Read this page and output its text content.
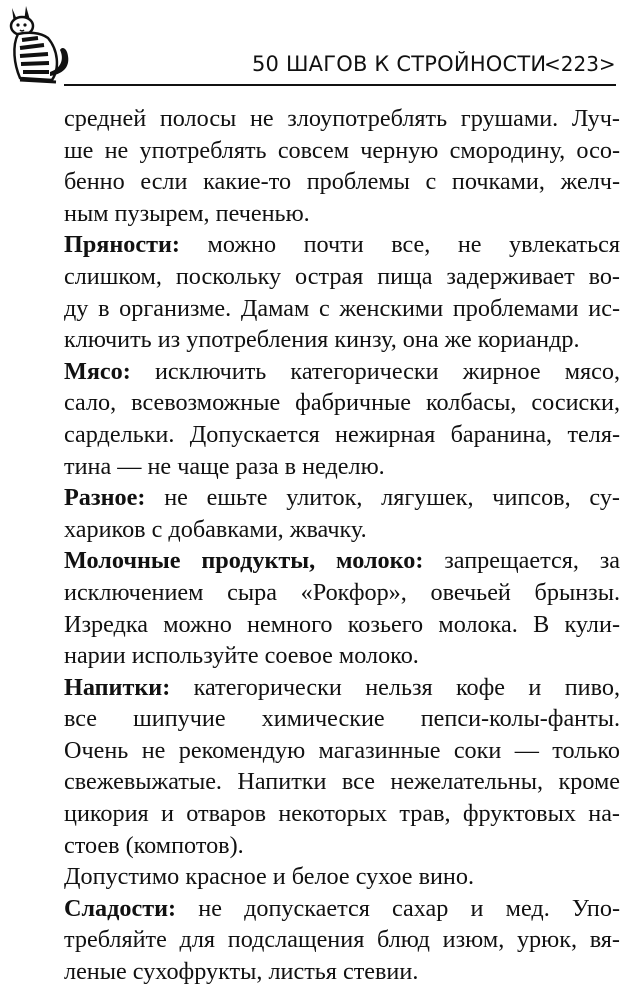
50 ШАГОВ К СТРОЙНОСТИ
<223>
средней полосы не злоупотреблять грушами. Луч-
ше не употреблять совсем черную смородину, осо-
бенно если какие-то проблемы с почками, желч-
ным пузырем, печенью.
Пряности: можно почти все, не увлекаться
слишком, поскольку острая пища задерживает во-
ду в организме. Дамам с женскими проблемами ис-
ключить из употребления кинзу, она же кориандр.
Мясо: исключить категорически жирное мясо,
сало, всевозможные фабричные колбасы, сосиски,
сардельки. Допускается нежирная баранина, теля-
тина — не чаще раза в неделю.
Разное: не ешьте улиток, лягушек, чипсов, су-
хариков с добавками, жвачку.
Молочные продукты, молоко: запрещается, за
исключением сыра «Рокфор», овечьей брынзы.
Изредка можно немного козьего молока. В кули-
нарии используйте соевое молоко.
Напитки: категорически нельзя кофе и пиво,
все шипучие химические пепси-колы-фанты.
Очень не рекомендую магазинные соки — только
свежевыжатые. Напитки все нежелательны, кроме
цикория и отваров некоторых трав, фруктовых на-
стоев (компотов).
Допустимо красное и белое сухое вино.
Сладости: не допускается сахар и мед. Упо-
требляйте для подслащения блюд изюм, урюк, вя-
леные сухофрукты, листья стевии.
